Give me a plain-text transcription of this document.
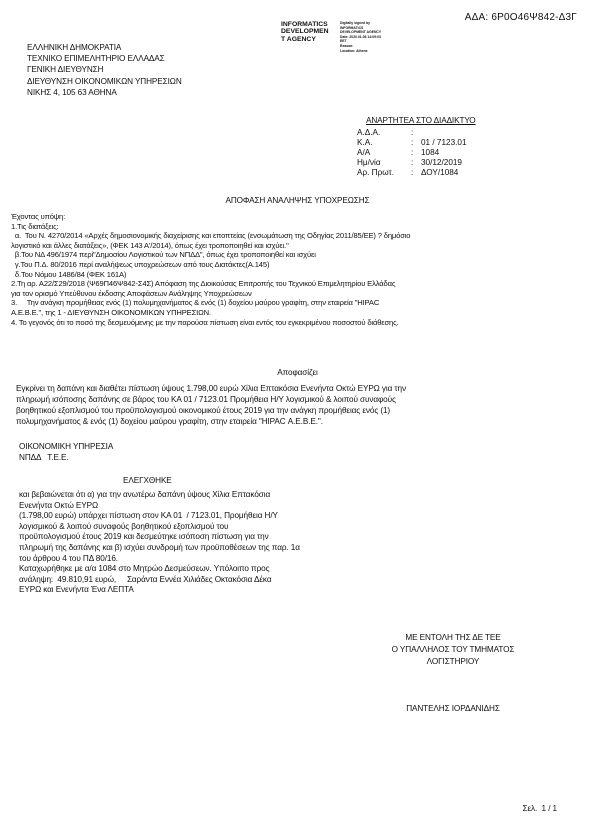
ΑΔΑ: 6Ρ0Ο46Ψ842-Δ3Γ
INFORMATICS
DEVELOPMEN
T AGENCY
Digitally signed by
INFORMATICS
DEVELOPMENT AGENCY
Date: 2020.01.08 14:09:03
EET
Reason:
Location: Athens
ΕΛΛΗΝΙΚΗ ΔΗΜΟΚΡΑΤΙΑ
ΤΕΧΝΙΚΟ ΕΠΙΜΕΛΗΤΗΡΙΟ ΕΛΛΑΔΑΣ
ΓΕΝΙΚΗ ΔΙΕΥΘΥΝΣΗ
ΔΙΕΥΘΥΝΣΗ ΟΙΚΟΝΟΜΙΚΩΝ ΥΠΗΡΕΣΙΩΝ
ΝΙΚΗΣ 4, 105 63 ΑΘΗΝΑ
ΑΝΑΡΤΗΤΕΑ ΣΤΟ ΔΙΑΔΙΚΤΥΟ
Α.Δ.Α.	:	
Κ.Α.	:	01 / 7123.01
Α/Α	:	1084
Ημ/νία	:	30/12/2019
Αρ. Πρωτ.	:	ΔΟΥ/1084
ΑΠΟΦΑΣΗ ΑΝΑΛΗΨΗΣ ΥΠΟΧΡΕΩΣΗΣ
Έχοντας υπόψη:
1.Τις διατάξεις:
α.  Του Ν. 4270/2014 «Αρχές δημοσιονομικής διαχείρισης και εποπτείας (ενσωμάτωση της Οδηγίας 2011/85/ΕΕ) ? δημόσιο
λογιστικό και άλλες διατάξεις», (ΦΕΚ 143 Α'/2014), όπως έχει τροποποιηθεί και ισχύει."
β.Του ΝΔ 496/1974 περί"Δημοσίου Λογιστικού των ΝΠΔΔ", όπως έχει τροποποιηθεί και ισχύει
γ.Του Π.Δ. 80/2016 περί αναλήψεως υποχρεώσεων από τους Διατάκτες(Α.145)
δ.Του Νόμου 1486/84 (ΦΕΚ 161Α)
2.Τη αρ. Α22/Σ29/2018 (Ψ69Π46Ψ842-Σ4Σ) Απόφαση της Διοικούσας Επιτροπής του Τεχνικού Επιμελητηρίου Ελλάδας
για τον ορισμό Υπεύθυνου έκδοσης Αποφάσεων Ανάληψης Υποχρεώσεων
3.     Την ανάγκη προμήθειας ενός (1) πολυμηχανήματος & ενός (1) δοχείου μαύρου γραφίτη, στην εταιρεία "HIPAC
Α.Ε.Β.Ε.", της 1 - ΔΙΕΥΘΥΝΣΗ ΟΙΚΟΝΟΜΙΚΩΝ ΥΠΗΡΕΣΙΩΝ.
4. Το γεγονός ότι το ποσό της δεσμευόμενης με την παρούσα πίστωση είναι εντός του εγκεκριμένου ποσοστού διάθεσης.
Αποφασίζει
Εγκρίνει τη δαπάνη και διαθέτει πίστωση ύψους 1.798,00 ευρώ Χίλια Επτακόσια Ενενήντα Οκτώ ΕΥΡΩ για την
πληρωμή ισόποσης δαπάνης σε βάρος του ΚΑ 01 / 7123.01 Προμήθεια Η/Υ λογισμικού & λοιπού συναφούς
βοηθητικού εξοπλισμού του προϋπολογισμού οικονομικού έτους 2019 για την ανάγκη προμήθειας ενός (1)
πολυμηχανήματος & ενός (1) δοχείου μαύρου γραφίτη, στην εταιρεία "HIPAC Α.Ε.Β.Ε.".
ΟΙΚΟΝΟΜΙΚΗ ΥΠΗΡΕΣΙΑ
ΝΠΔΔ   Τ.Ε.Ε.
ΕΛΕΓΧΘΗΚΕ
και βεβαιώνεται ότι α) για την ανωτέρω δαπάνη ύψους Χίλια Επτακόσια
Ενενήντα Οκτώ ΕΥΡΩ
(1.798,00 ευρώ) υπάρχει πίστωση στον ΚΑ 01  / 7123.01, Προμήθεια Η/Υ
λογισμικού & λοιπού συναφούς βοηθητικού εξοπλισμού του
προϋπολογισμού έτους 2019 και δεσμεύτηκε ισόποση πίστωση για την
πληρωμή της δαπάνης και β) ισχύει συνδρομή των προϋποθέσεων της παρ. 1α
του άρθρου 4 του ΠΔ 80/16.
Καταχωρήθηκε με α/α 1084 στο Μητρώο Δεσμεύσεων. Υπόλοιπο προς
ανάληψη:  49.810,91 ευρώ,     Σαράντα Εννέα Χιλιάδες Οκτακόσια Δέκα
ΕΥΡΩ και Ενενήντα Ένα ΛΕΠΤΑ
ΜΕ ΕΝΤΟΛΗ ΤΗΣ ΔΕ ΤΕΕ
Ο ΥΠΑΛΛΗΛΟΣ ΤΟΥ ΤΜΗΜΑΤΟΣ
ΛΟΓΙΣΤΗΡΙΟΥ
ΠΑΝΤΕΛΗΣ ΙΟΡΔΑΝΙΔΗΣ
Σελ.  1 / 1
